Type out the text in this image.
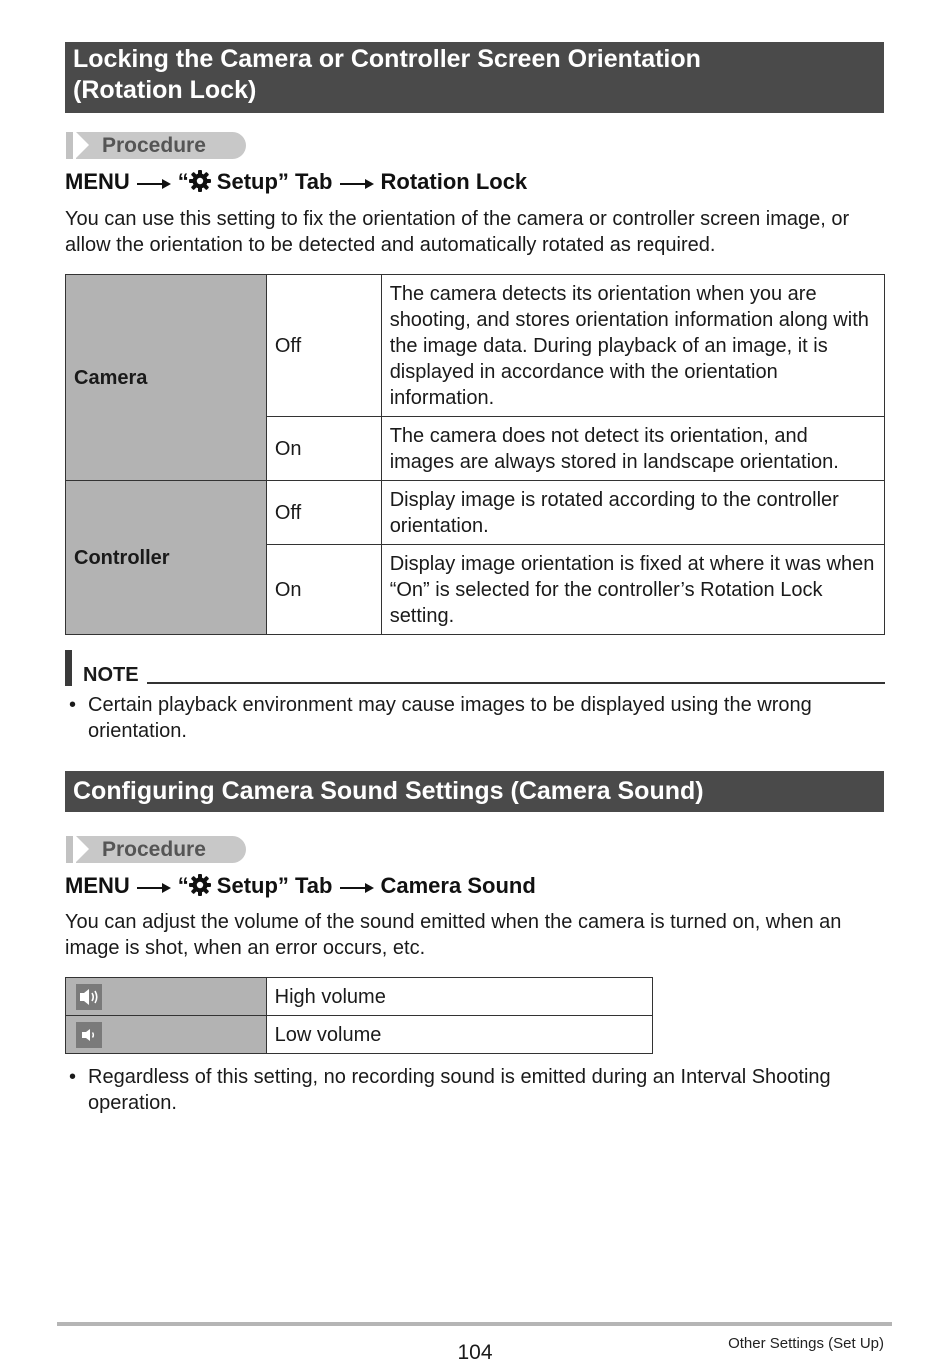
Locking the Camera or Controller Screen Orientation
(Rotation Lock)
Procedure
MENU “ Setup” Tab Rotation Lock

You can use this setting to fix the orientation of the camera or controller screen image, or allow the orientation to be detected and automatically rotated as required.

Camera	Off	The camera detects its orientation when you are shooting, and stores orientation information along with the image data. During playback of an image, it is displayed in accordance with the orientation information.
	On	The camera does not detect its orientation, and images are always stored in landscape orientation.
Controller	Off	Display image is rotated according to the controller orientation.
	On	Display image orientation is fixed at where it was when “On” is selected for the controller’s Rotation Lock setting.
NOTE

• Certain playback environment may cause images to be displayed using the wrong orientation.

Configuring Camera Sound Settings (Camera Sound)
Procedure
MENU “ Setup” Tab Camera Sound

You can adjust the volume of the sound emitted when the camera is turned on, when an image is shot, when an error occurs, etc.

	High volume
	Low volume

• Regardless of this setting, no recording sound is emitted during an Interval Shooting operation.

104	Other Settings (Set Up)
